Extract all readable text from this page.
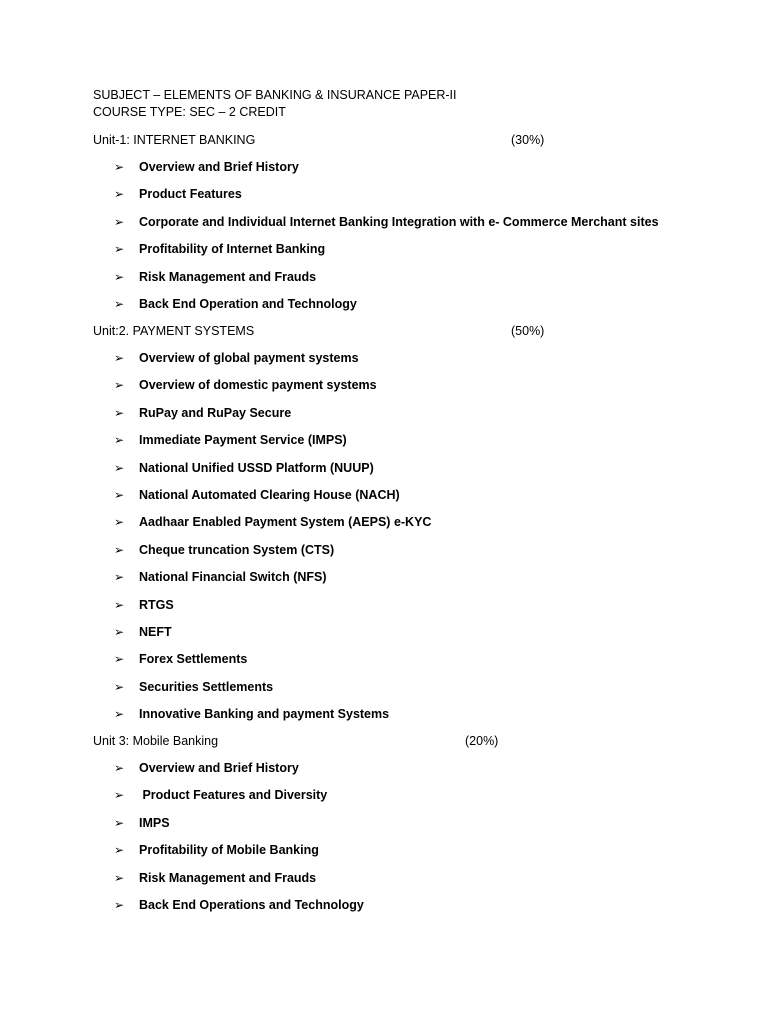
SUBJECT – ELEMENTS OF BANKING & INSURANCE PAPER-II
COURSE TYPE: SEC – 2 CREDIT
Unit-1: INTERNET BANKING	(30%)
➢ Overview and Brief History
➢ Product Features
➢ Corporate and Individual Internet Banking Integration with e- Commerce Merchant sites
➢ Profitability of Internet Banking
➢ Risk Management and Frauds
➢ Back End Operation and Technology
Unit:2. PAYMENT SYSTEMS	(50%)
➢ Overview of global payment systems
➢ Overview of domestic payment systems
➢ RuPay and RuPay Secure
➢ Immediate Payment Service (IMPS)
➢ National Unified USSD Platform (NUUP)
➢ National Automated Clearing House (NACH)
➢ Aadhaar Enabled Payment System (AEPS) e-KYC
➢ Cheque truncation System (CTS)
➢ National Financial Switch (NFS)
➢ RTGS
➢ NEFT
➢ Forex Settlements
➢ Securities Settlements
➢ Innovative Banking and payment Systems
Unit 3: Mobile Banking	(20%)
➢ Overview and Brief History
➢ Product Features and Diversity
➢ IMPS
➢ Profitability of Mobile Banking
➢ Risk Management and Frauds
➢ Back End Operations and Technology
